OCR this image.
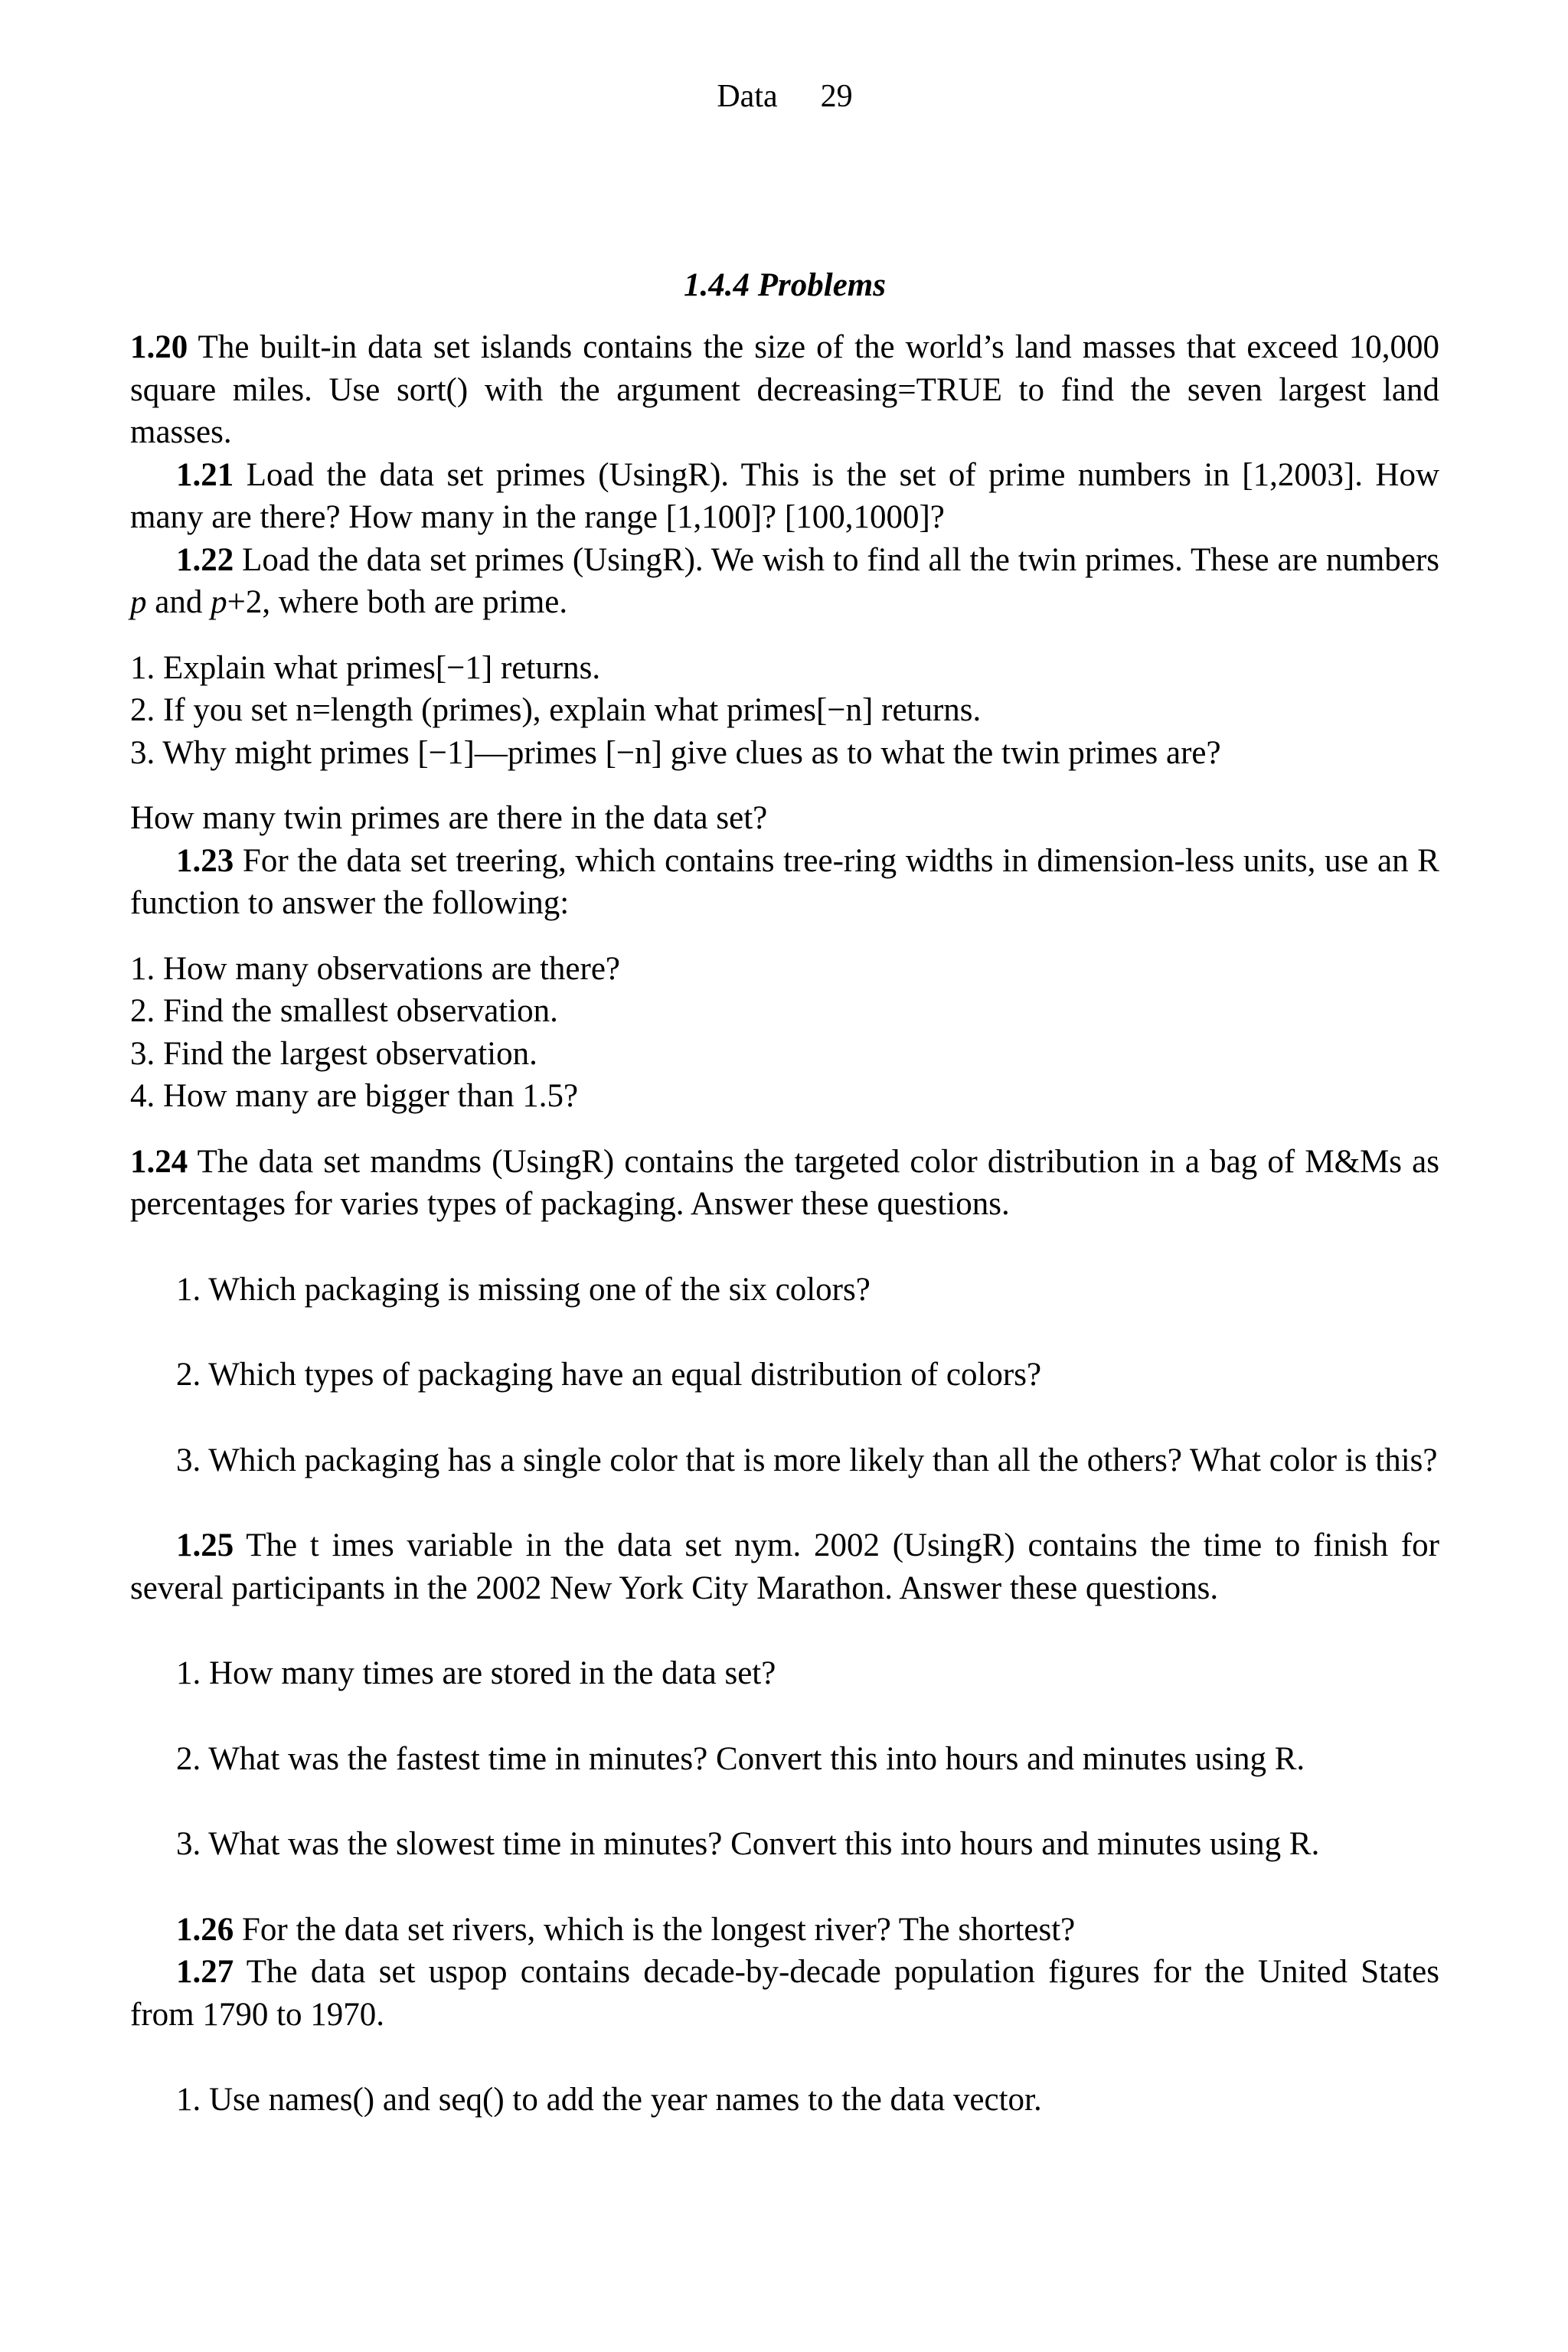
Data 29
1.4.4 Problems

1.20 The built-in data set islands contains the size of the world’s land masses that exceed 10,000 square miles. Use sort() with the argument decreasing=TRUE to find the seven largest land masses.

1.21 Load the data set primes (UsingR). This is the set of prime numbers in [1,2003]. How many are there? How many in the range [1,100]? [100,1000]?

1.22 Load the data set primes (UsingR). We wish to find all the twin primes. These are numbers p and p+2, where both are prime.

1. Explain what primes[−1] returns.
2. If you set n=length (primes), explain what primes[−n] returns.
3. Why might primes [−1]—primes [−n] give clues as to what the twin primes are?

How many twin primes are there in the data set?

1.23 For the data set treering, which contains tree-ring widths in dimension-less units, use an R function to answer the following:

1. How many observations are there?
2. Find the smallest observation.
3. Find the largest observation.
4. How many are bigger than 1.5?

1.24 The data set mandms (UsingR) contains the targeted color distribution in a bag of M&Ms as percentages for varies types of packaging. Answer these questions.

1. Which packaging is missing one of the six colors?

2. Which types of packaging have an equal distribution of colors?

3. Which packaging has a single color that is more likely than all the others? What color is this?

1.25 The t imes variable in the data set nym. 2002 (UsingR) contains the time to finish for several participants in the 2002 New York City Marathon. Answer these questions.

1. How many times are stored in the data set?

2. What was the fastest time in minutes? Convert this into hours and minutes using R.

3. What was the slowest time in minutes? Convert this into hours and minutes using R.

1.26 For the data set rivers, which is the longest river? The shortest?

1.27 The data set uspop contains decade-by-decade population figures for the United States from 1790 to 1970.

1. Use names() and seq() to add the year names to the data vector.
